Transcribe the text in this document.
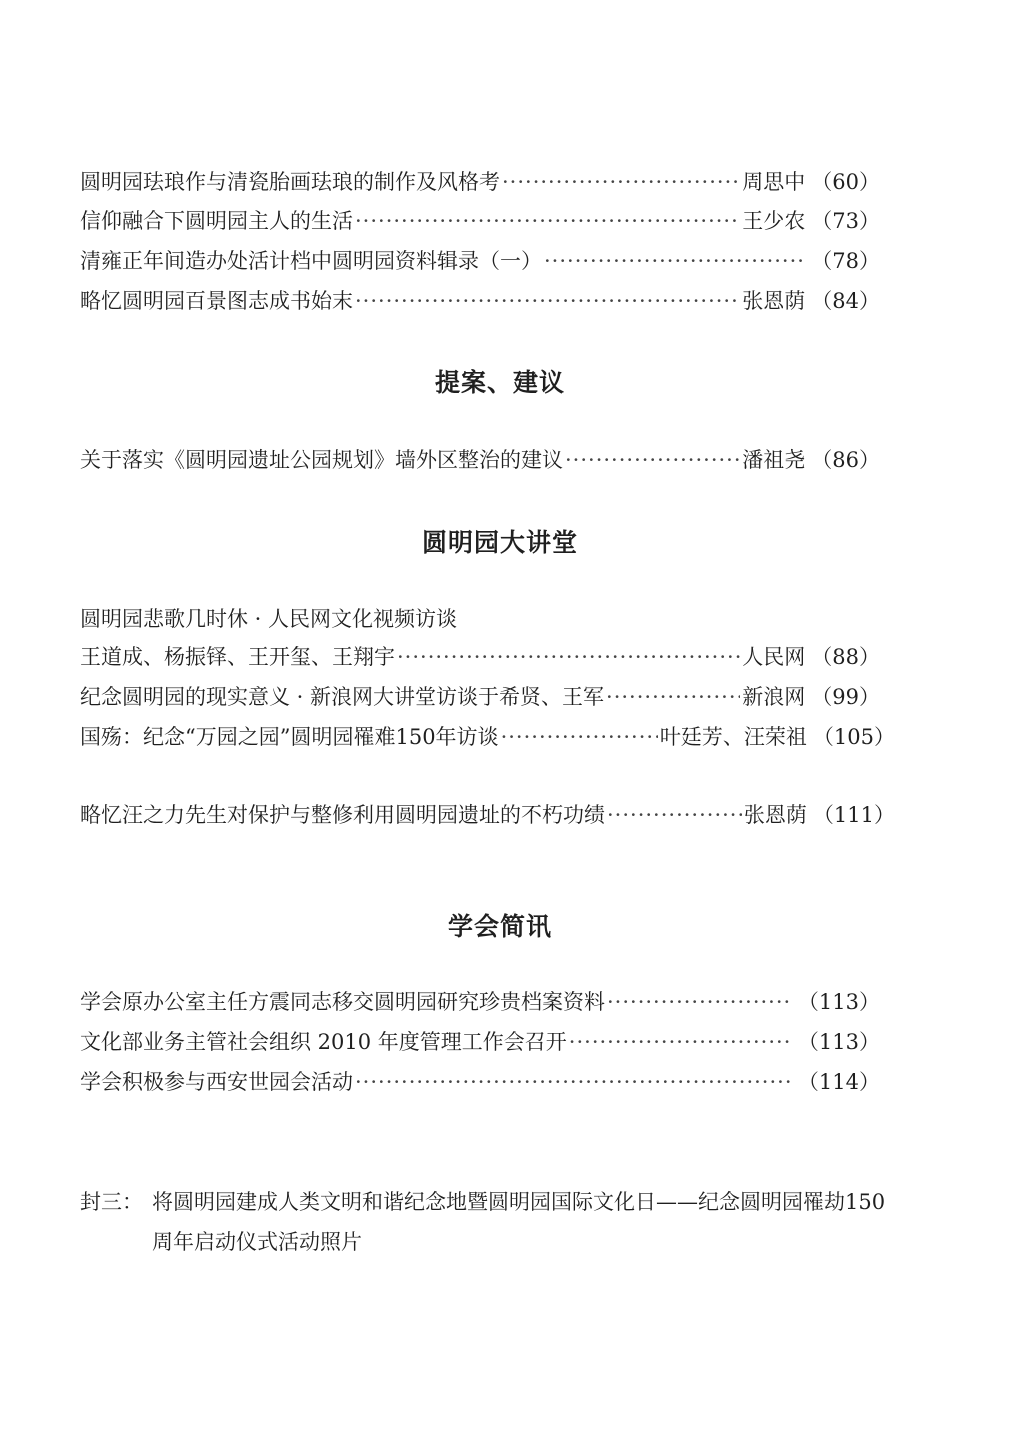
圆明园珐琅作与清瓷胎画珐琅的制作及风格考 ·····	周思中 （60）
信仰融合下圆明园主人的生活 ·····	王少农 （73）
清雍正年间造办处活计档中圆明园资料辑录（一） ·····	（78）
略忆圆明园百景图志成书始末 ·····	张恩荫 （84）
提案、建议
关于落实《圆明园遗址公园规划》墙外区整治的建议 ·····	潘祖尧 （86）
圆明园大讲堂
圆明园悲歌几时休 · 人民网文化视频访谈
王道成、杨振铎、王开玺、王翔宇 ·····	人民网 （88）
纪念圆明园的现实意义 · 新浪网大讲堂访谈于希贤、王军 ·····	新浪网 （99）
国殇：纪念“万园之园”圆明园罹难150年访谈 ·····	叶廷芳、汪荣祖 （105）
略忆汪之力先生对保护与整修利用圆明园遗址的不朽功绩 ·····	张恩荫 （111）
学会简讯
学会原办公室主任方震同志移交圆明园研究珍贵档案资料 ·····	（113）
文化部业务主管社会组织 2010 年度管理工作会召开 ·····	（113）
学会积极参与西安世园会活动 ·····	（114）
封三： 将圆明园建成人类文明和谐纪念地暨圆明园国际文化日——纪念圆明园罹劫150周年启动仪式活动照片
